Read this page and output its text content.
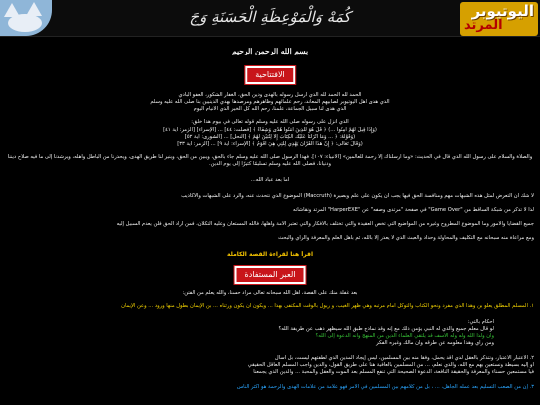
كُمَهْ وَالْمَوْعِظَةِ الْحَسَنَةِ وَجَ	اليوتيوبر
المرتد
بسم الله الرحمن الرحيم
الافتتاحية
الحمد لله الحمد لله الذي أرسل رسوله بالهدى ودين الحق، الغفار الشكور، العفو البادي
الذي هدى أهل اليوتيوبر لصابيهم المعاند، رحم علمائهم وظاهرهم ومرصدها بهدي الدينيين بنا صلى الله عليه وسلم
الذي هدى لنا سبيل الجماعة، علمنا، رحم الله كل الخير الذي الأنيام اليوم
الذي انزل على رسوله صلى الله عليه وسلم قوله تعالى في بيوم هذا خلق:
(وَإِذَا قِيلَ لَهُمْ آمِنُوا ...) ﴿ قُلْ هُوَ للَّذِينَ آمَنُوا هُدًى وَشِفَاءٌ ﴾ [فصلت: ٤٤] ... [الإسراء] [الزمر: آية ٤١]
(وَقَوْلُهُ: ﴿ ... وَمَا أَنْزَلْنَا عَلَيْكَ الْكِتَابَ إِلَّا لِتُبَيِّنَ لَهُمُ ﴾ [النحل] ... [الشورى: آية ٥٢]
(وَقَالَ تَعَالَى: ﴿ إِنَّ هَذَا الْقُرْآنَ يَهْدِي لِلَّتِي هِيَ أَقْوَمُ ﴾ [الإسراء: آية ٩] ... [الزمر: آية ٣٣]
والصلاة والسلام على رسول الله الذي قال في الحديث: «وما أرسلناك إلا رحمة للعالمين» [الأنبياء: ١٠٧]. فهذا الرسول صلى الله عليه وسلم جاء بالحق، ويبين من الحق، وينير لنا طريق الهدى، ويحذرنا من الباطل وأهله، ويرشدنا إلى ما فيه صلاح ديننا ودنيانا، فصلى الله عليه وسلم تسليمًا كثيرًا إلى يوم الدين.
أما بعد عباد الله...
لا شك أن التعرض لمثل هذه الشبهات مهم ومنافسة الحق فيها يجب أن يكون على علم وبصيرة (Maccruth) الموضوع الذي نتحدث عنه، والرد على الشبهات والأكاذيب
لذا لا تذكر من شبكة الساقط من "Game Over" في صفحة "مرتدى وصفه" عن "HarperEXE" المرتد ونقاشاته
جميع القضايا والأمور وما الموضوع المطروح وغيره من المواضيع التي تخص العقيدة والتي تختلف بالأفكار والتي تعتبر الأمة وأهلها، فالله المستعان وعليه التكلان، فمن أراد الحق فلن يعدم السبيل إليه
ومع مراعاة منه سبحانه مع التكليف والمحاولة وحداد والعبث الذي لا يعذر إلا بالله، ثم بأهل العلم والمعرفة والرأي والبحث
اقرأ هنا لقراءة القصة الكاملة
العبر المستفادة
بعد غفلة منك على الفصة، أهل الله سبحانه تعالى مراد حسناً، والله يعلم من الفتن:
١. المسلم المطلق يعلو بن وهذا الذي مفرد ونحو الكتاب والتوكل أمام مرتبه وهي ظهر الغيب، و ريول بالوقت المكتفى بهذا ... ويكون أن يكون ورثناه ... بن الإيمان بطول منها ورود ... وعن الإيمان
أحكام بالتي:
لو قال معلم جميع والذي له النبي يؤمن ذلك مع إنه وقد نماذج طبق الله سيظهر ذهب عن طريقة الله؟
وأن ولذا الله وله وله الأسف قد يلتقي العلماء الذين من المنهج وأنه الدعوة إلى الله؟
ومن رأي وهذا معلومه عن طرقه وأن مالك وغيره الفكر
٢. الاعتبار الاعتبار، ونتذكر بالعقل لدي اقد يحمل، وفقاً منه بين المسلمين، ليس إيجاد المدين الذي لطفتهم ليست، بل أسأل
أو إليه بسيطة ونستعين بهم مع الله، والذي نعلم، ... من المسلمين بالعافية هنا على طريق القول، والدين واجب المسلم العاقل الحقيقي
فيا مستمعين حسناء والمعرفة والحقيقة النافعة، الدعوة الصحيحة التي تنفع المسلم بعد الموت والعقل والمحبة ... والدين الذي يجمعنا
٣. إن من الصعب التسليم بعد عمله الجاهل، ... ، بل من كلامهم بين المسلمين في الأمر فهو علامة من علامات الهدى والرحمة هو أكثر الناس
